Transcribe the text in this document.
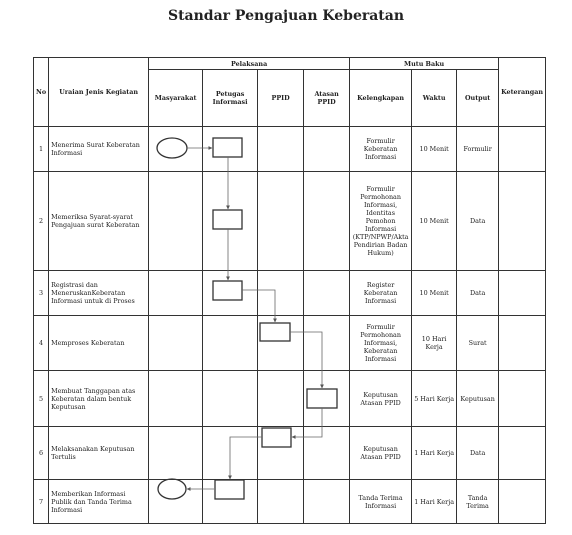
Standar Pengajuan Keberatan
No	Uraian Jenis Kegiatan	Pelaksana				Mutu Baku			Keterangan
		Masyarakat	Petugas Informasi	PPID	Atasan PPID	Kelengkapan	Waktu	Output	
1	Menerima Surat Keberatan Informasi					Formulir Keberatan Informasi	10 Menit	Formulir	
2	Memeriksa Syarat-syarat Pengajuan surat Keberatan					Formulir Permohonan Informasi, Identitas Pemohon Informasi (KTP/NPWP/Akta Pendirian Badan Hukum)	10 Menit	Data	
3	Registrasi dan MeneruskanKeberatan Informasi untuk di Proses					Register Keberatan Informasi	10 Menit	Data	
4	Memproses Keberatan					Formulir Permohonan Informasi, Keberatan Informasi	10 Hari Kerja	Surat	
5	Membuat Tanggapan atas Keberatan dalam bentuk Keputusan					Keputusan Atasan PPID	5 Hari Kerja	Keputusan	
6	Melaksanakan Keputusan Tertulis					Keputusan Atasan PPID	1 Hari Kerja	Data	
7	Memberikan Informasi Publik dan Tanda Terima Informasi					Tanda Terima Informasi	1 Hari Kerja	Tanda Terima	
